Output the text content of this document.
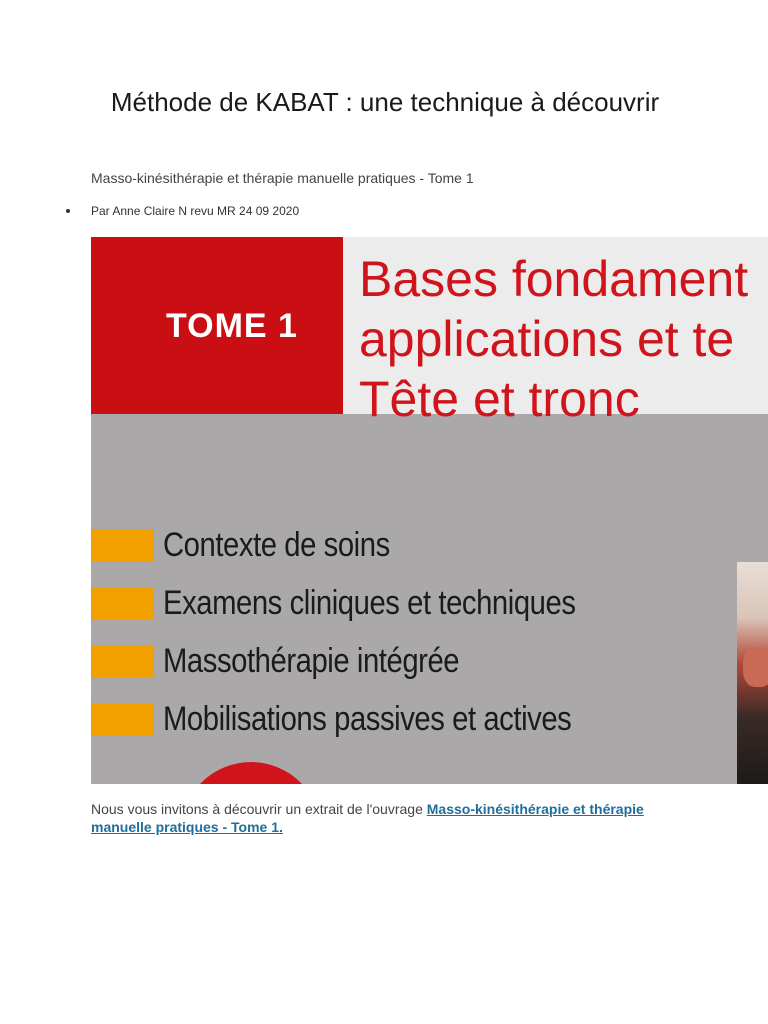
Méthode de KABAT : une technique à découvrir

Masso-kinésithérapie et thérapie manuelle pratiques - Tome 1

Par Anne Claire N revu MR 24 09 2020
TOME 1
Bases fondament
applications et te
Tête et tronc
Contexte de soins
Examens cliniques et techniques
Massothérapie intégrée
Mobilisations passives et actives

Nous vous invitons à découvrir un extrait de l'ouvrage Masso-kinésithérapie et thérapie manuelle pratiques - Tome 1.
